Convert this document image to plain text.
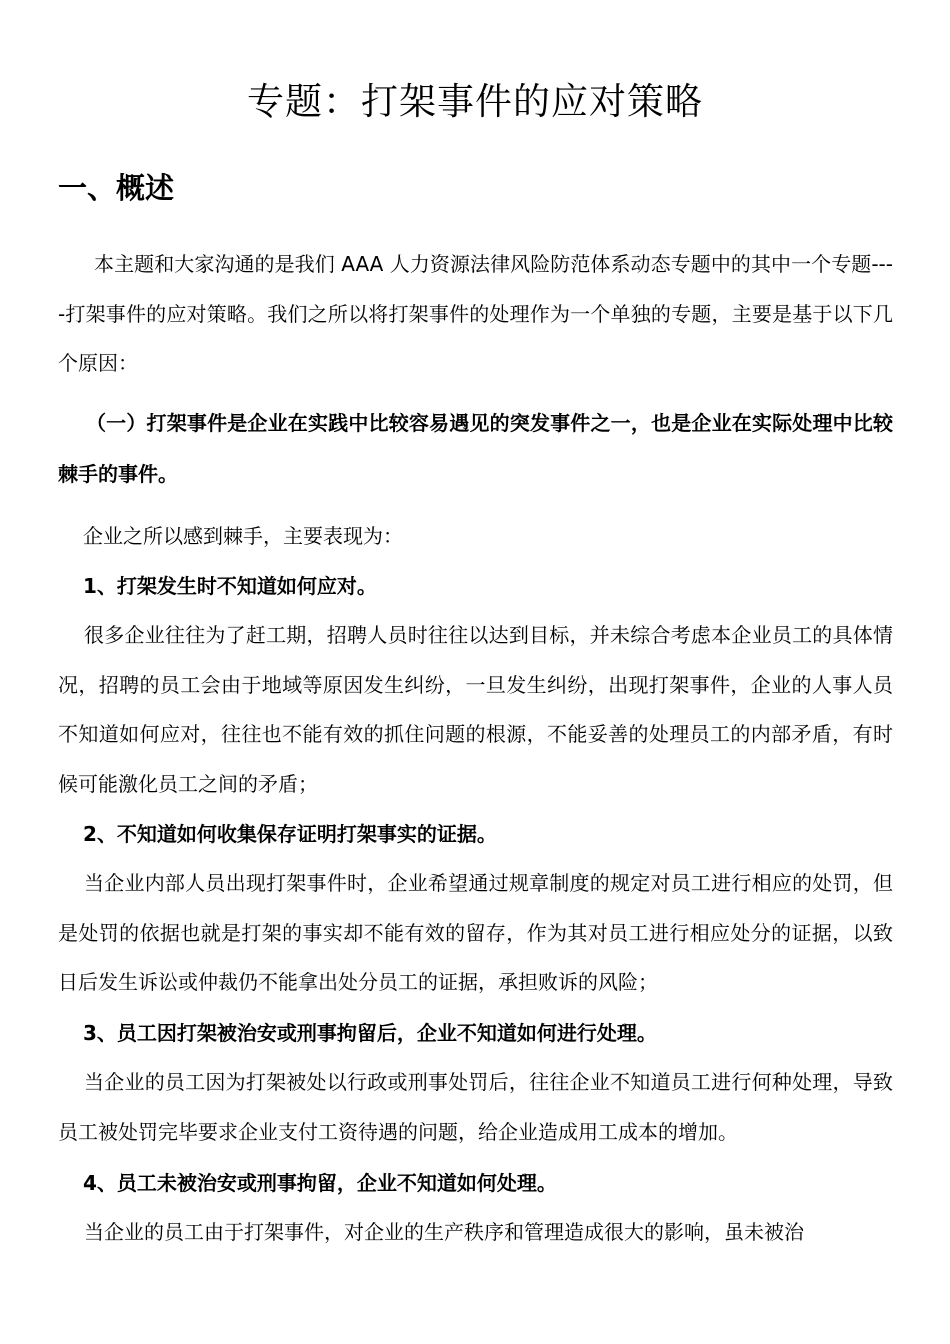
专题：打架事件的应对策略
一、概述

本主题和大家沟通的是我们 AAA 人力资源法律风险防范体系动态专题中的其中一个专题----打架事件的应对策略。我们之所以将打架事件的处理作为一个单独的专题，主要是基于以下几个原因：

（一）打架事件是企业在实践中比较容易遇见的突发事件之一，也是企业在实际处理中比较棘手的事件。

企业之所以感到棘手，主要表现为：

1、打架发生时不知道如何应对。

很多企业往往为了赶工期，招聘人员时往往以达到目标，并未综合考虑本企业员工的具体情况，招聘的员工会由于地域等原因发生纠纷，一旦发生纠纷，出现打架事件，企业的人事人员不知道如何应对，往往也不能有效的抓住问题的根源，不能妥善的处理员工的内部矛盾，有时候可能激化员工之间的矛盾；

2、不知道如何收集保存证明打架事实的证据。

当企业内部人员出现打架事件时，企业希望通过规章制度的规定对员工进行相应的处罚，但是处罚的依据也就是打架的事实却不能有效的留存，作为其对员工进行相应处分的证据，以致日后发生诉讼或仲裁仍不能拿出处分员工的证据，承担败诉的风险；

3、员工因打架被治安或刑事拘留后，企业不知道如何进行处理。

当企业的员工因为打架被处以行政或刑事处罚后，往往企业不知道员工进行何种处理，导致员工被处罚完毕要求企业支付工资待遇的问题，给企业造成用工成本的增加。

4、员工未被治安或刑事拘留，企业不知道如何处理。

当企业的员工由于打架事件，对企业的生产秩序和管理造成很大的影响，虽未被治
